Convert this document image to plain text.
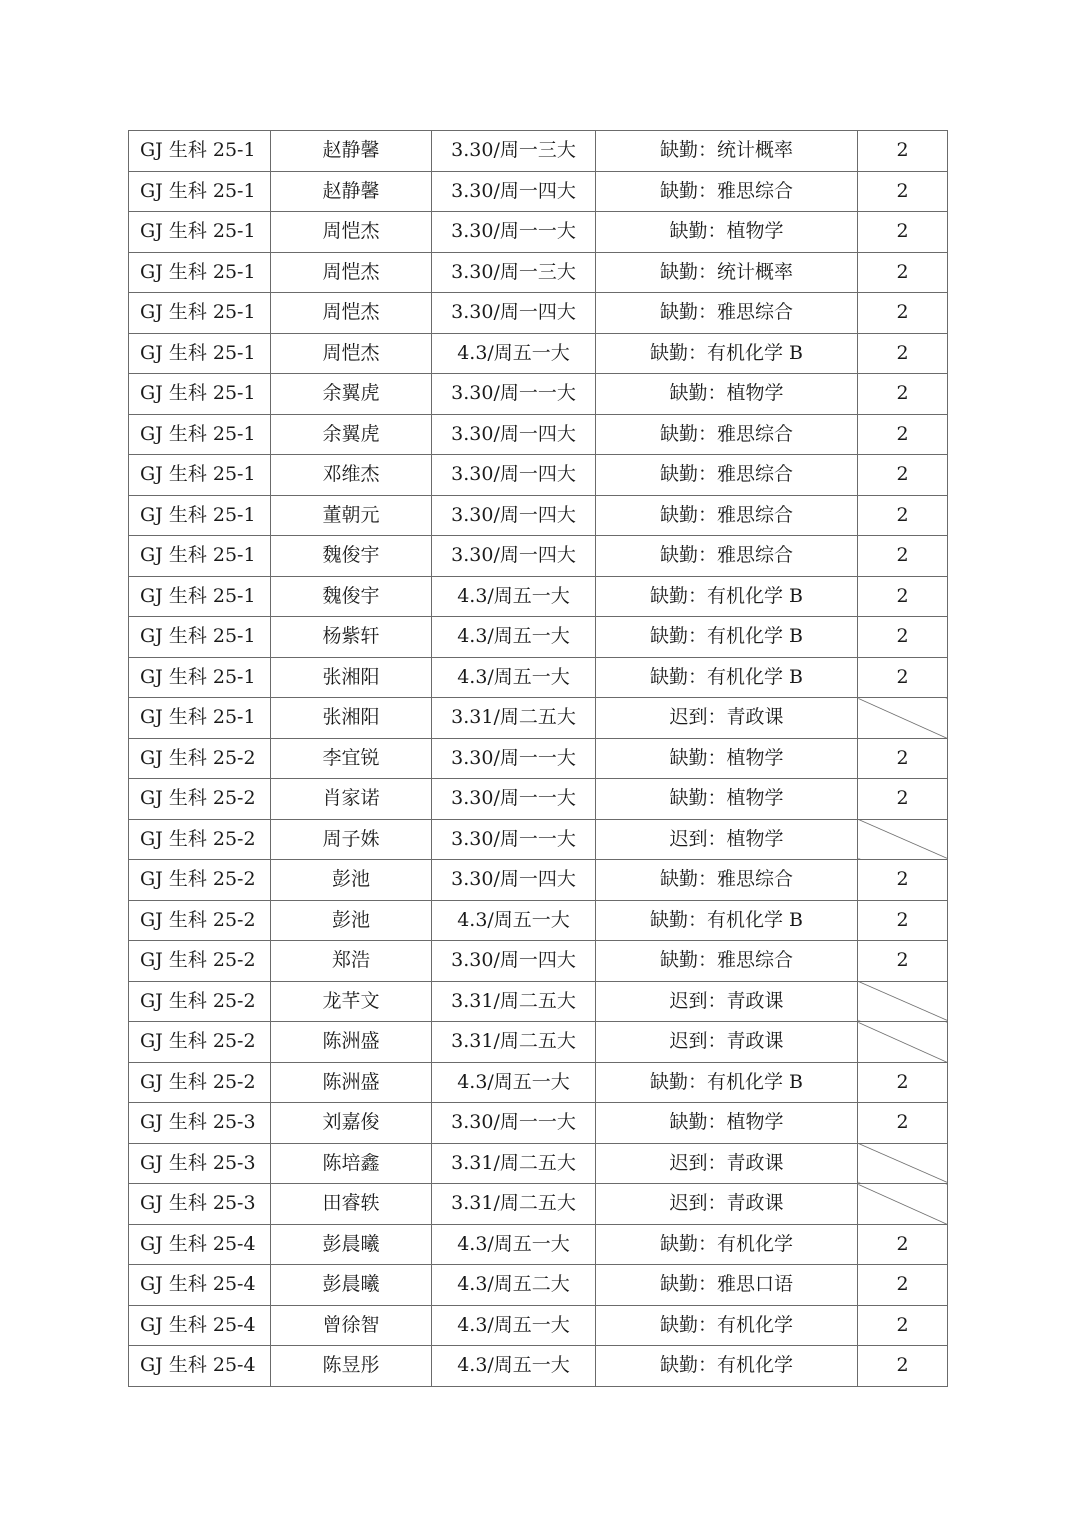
GJ 生科 25-1	赵静馨	3.30/周一三大	缺勤：统计概率	2
GJ 生科 25-1	赵静馨	3.30/周一四大	缺勤：雅思综合	2
GJ 生科 25-1	周恺杰	3.30/周一一大	缺勤：植物学	2
GJ 生科 25-1	周恺杰	3.30/周一三大	缺勤：统计概率	2
GJ 生科 25-1	周恺杰	3.30/周一四大	缺勤：雅思综合	2
GJ 生科 25-1	周恺杰	4.3/周五一大	缺勤：有机化学 B	2
GJ 生科 25-1	余翼虎	3.30/周一一大	缺勤：植物学	2
GJ 生科 25-1	余翼虎	3.30/周一四大	缺勤：雅思综合	2
GJ 生科 25-1	邓维杰	3.30/周一四大	缺勤：雅思综合	2
GJ 生科 25-1	董朝元	3.30/周一四大	缺勤：雅思综合	2
GJ 生科 25-1	魏俊宇	3.30/周一四大	缺勤：雅思综合	2
GJ 生科 25-1	魏俊宇	4.3/周五一大	缺勤：有机化学 B	2
GJ 生科 25-1	杨紫轩	4.3/周五一大	缺勤：有机化学 B	2
GJ 生科 25-1	张湘阳	4.3/周五一大	缺勤：有机化学 B	2
GJ 生科 25-1	张湘阳	3.31/周二五大	迟到：青政课	
GJ 生科 25-2	李宜锐	3.30/周一一大	缺勤：植物学	2
GJ 生科 25-2	肖家诺	3.30/周一一大	缺勤：植物学	2
GJ 生科 25-2	周子姝	3.30/周一一大	迟到：植物学	
GJ 生科 25-2	彭池	3.30/周一四大	缺勤：雅思综合	2
GJ 生科 25-2	彭池	4.3/周五一大	缺勤：有机化学 B	2
GJ 生科 25-2	郑浩	3.30/周一四大	缺勤：雅思综合	2
GJ 生科 25-2	龙芊文	3.31/周二五大	迟到：青政课	
GJ 生科 25-2	陈洲盛	3.31/周二五大	迟到：青政课	
GJ 生科 25-2	陈洲盛	4.3/周五一大	缺勤：有机化学 B	2
GJ 生科 25-3	刘嘉俊	3.30/周一一大	缺勤：植物学	2
GJ 生科 25-3	陈培鑫	3.31/周二五大	迟到：青政课	
GJ 生科 25-3	田睿轶	3.31/周二五大	迟到：青政课	
GJ 生科 25-4	彭晨曦	4.3/周五一大	缺勤：有机化学	2
GJ 生科 25-4	彭晨曦	4.3/周五二大	缺勤：雅思口语	2
GJ 生科 25-4	曾徐智	4.3/周五一大	缺勤：有机化学	2
GJ 生科 25-4	陈昱彤	4.3/周五一大	缺勤：有机化学	2
